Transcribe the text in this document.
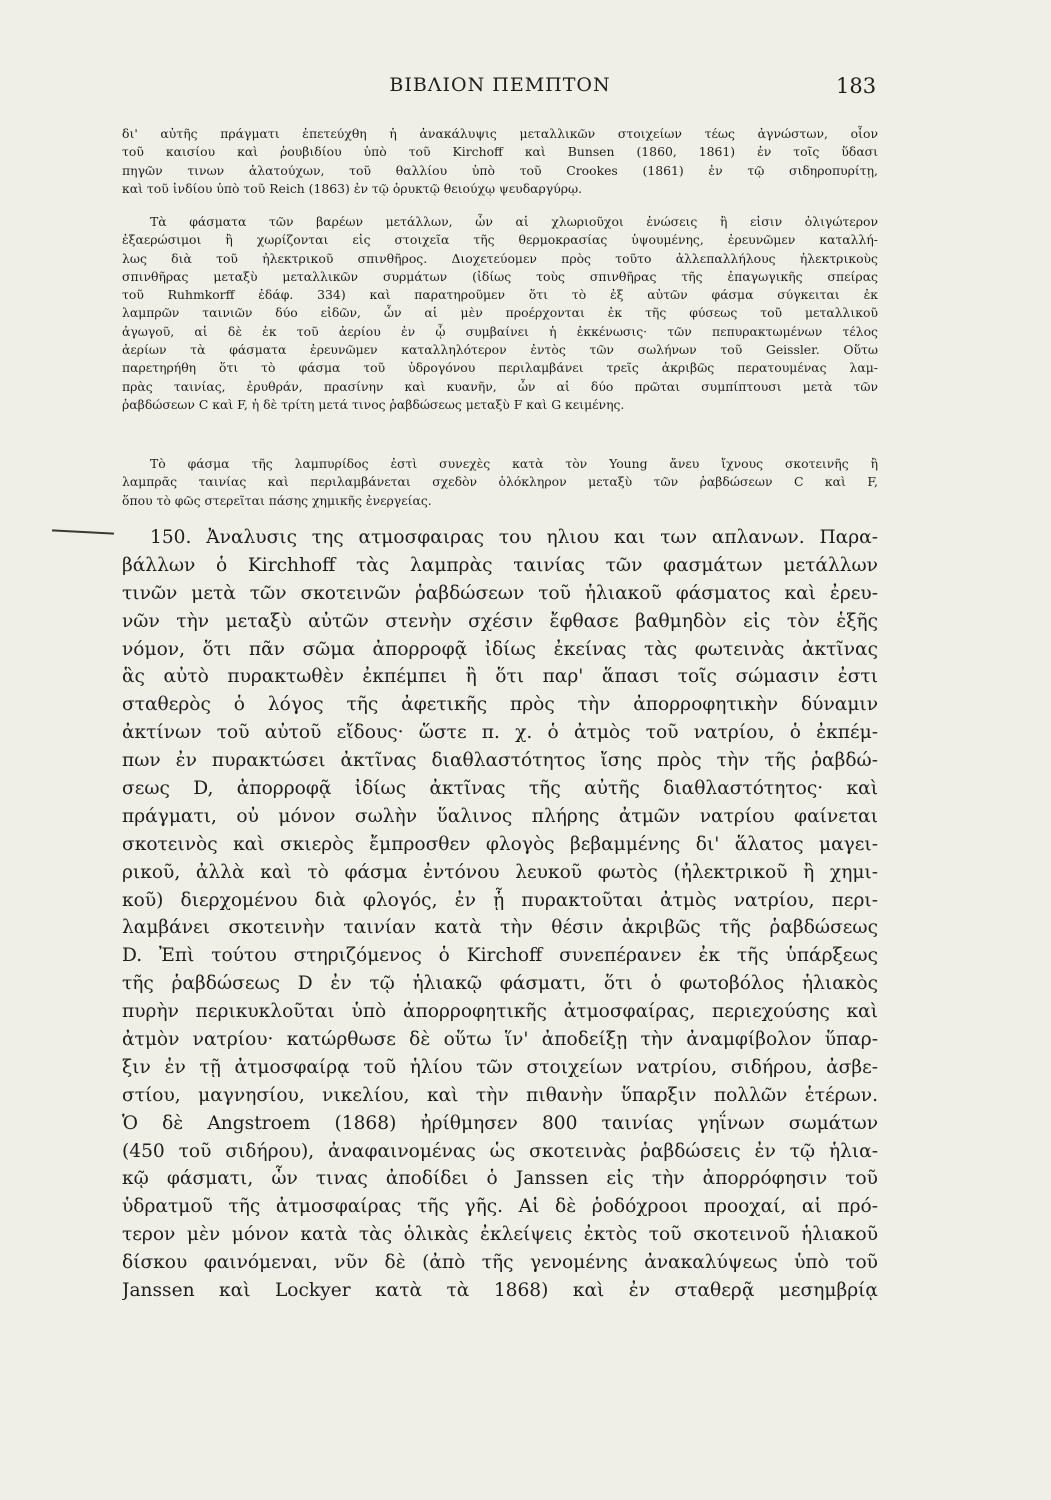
ΒΙΒΛΙΟΝ ΠΕΜΠΤΟΝ	183
δι' αὐτῆς πράγματι ἐπετεύχθη ἡ ἀνακάλυψις μεταλλικῶν στοιχείων τέως ἀγνώστων, οἷον
τοῦ καισίου καὶ ῥουβιδίου ὑπὸ τοῦ Kirchoff καὶ Bunsen (1860, 1861) ἐν τοῖς ὕδασι
πηγῶν τινων ἁλατούχων, τοῦ θαλλίου ὑπὸ τοῦ Crookes (1861) ἐν τῷ σιδηροπυρίτῃ,
καὶ τοῦ ἰνδίου ὑπὸ τοῦ Reich (1863) ἐν τῷ ὀρυκτῷ θειούχῳ ψευδαργύρῳ.
Τὰ φάσματα τῶν βαρέων μετάλλων, ὧν αἱ χλωριοῦχοι ἑνώσεις ἢ εἰσιν ὀλιγώτερον
ἐξαερώσιμοι ἢ χωρίζονται εἰς στοιχεῖα τῆς θερμοκρασίας ὑψουμένης, ἐρευνῶμεν καταλλή-
λως διὰ τοῦ ἠλεκτρικοῦ σπινθῆρος. Διοχετεύομεν πρὸς τοῦτο ἀλλεπαλλήλους ἠλεκτρικοὺς
σπινθῆρας μεταξὺ μεταλλικῶν συρμάτων (ἰδίως τοὺς σπινθῆρας τῆς ἐπαγωγικῆς σπείρας
τοῦ Ruhmkorff ἐδάφ. 334) καὶ παρατηροῦμεν ὅτι τὸ ἐξ αὐτῶν φάσμα σύγκειται ἐκ
λαμπρῶν ταινιῶν δύο εἰδῶν, ὧν αἱ μὲν προέρχονται ἐκ τῆς φύσεως τοῦ μεταλλικοῦ
ἀγωγοῦ, αἱ δὲ ἐκ τοῦ ἀερίου ἐν ᾧ συμβαίνει ἡ ἐκκένωσις· τῶν πεπυρακτωμένων τέλος
ἀερίων τὰ φάσματα ἐρευνῶμεν καταλληλότερον ἐντὸς τῶν σωλήνων τοῦ Geissler. Οὕτω
παρετηρήθη ὅτι τὸ φάσμα τοῦ ὑδρογόνου περιλαμβάνει τρεῖς ἀκριβῶς περατουμένας λαμ-
πρὰς ταινίας, ἐρυθράν, πρασίνην καὶ κυανῆν, ὧν αἱ δύο πρῶται συμπίπτουσι μετὰ τῶν
ῥαβδώσεων C καὶ F, ἡ δὲ τρίτη μετά τινος ῥαβδώσεως μεταξὺ F καὶ G κειμένης.
Τὸ φάσμα τῆς λαμπυρίδος ἐστὶ συνεχὲς κατὰ τὸν Young ἄνευ ἴχνους σκοτεινῆς ἢ
λαμπρᾶς ταινίας καὶ περιλαμβάνεται σχεδὸν ὁλόκληρον μεταξὺ τῶν ῥαβδώσεων C καὶ F,
ὅπου τὸ φῶς στερεῖται πάσης χημικῆς ἐνεργείας.
150. Ἀναλυσις της ατμοσφαιρας του ηλιου και των απλανων. Παρα-
βάλλων ὁ Kirchhoff τὰς λαμπρὰς ταινίας τῶν φασμάτων μετάλλων
τινῶν μετὰ τῶν σκοτεινῶν ῥαβδώσεων τοῦ ἡλιακοῦ φάσματος καὶ ἐρευ-
νῶν τὴν μεταξὺ αὐτῶν στενὴν σχέσιν ἔφθασε βαθμηδὸν εἰς τὸν ἑξῆς
νόμον, ὅτι πᾶν σῶμα ἀπορροφᾷ ἰδίως ἐκείνας τὰς φωτεινὰς ἀκτῖνας
ἃς αὐτὸ πυρακτωθὲν ἐκπέμπει ἢ ὅτι παρ' ἅπασι τοῖς σώμασιν ἐστι
σταθερὸς ὁ λόγος τῆς ἀφετικῆς πρὸς τὴν ἀπορροφητικὴν δύναμιν
ἀκτίνων τοῦ αὐτοῦ εἴδους· ὥστε π. χ. ὁ ἀτμὸς τοῦ νατρίου, ὁ ἐκπέμ-
πων ἐν πυρακτώσει ἀκτῖνας διαθλαστότητος ἴσης πρὸς τὴν τῆς ῥαβδώ-
σεως D, ἀπορροφᾷ ἰδίως ἀκτῖνας τῆς αὐτῆς διαθλαστότητος· καὶ
πράγματι, οὐ μόνον σωλὴν ὕαλινος πλήρης ἀτμῶν νατρίου φαίνεται
σκοτεινὸς καὶ σκιερὸς ἔμπροσθεν φλογὸς βεβαμμένης δι' ἅλατος μαγει-
ρικοῦ, ἀλλὰ καὶ τὸ φάσμα ἐντόνου λευκοῦ φωτὸς (ἠλεκτρικοῦ ἢ χημι-
κοῦ) διερχομένου διὰ φλογός, ἐν ᾗ πυρακτοῦται ἀτμὸς νατρίου, περι-
λαμβάνει σκοτεινὴν ταινίαν κατὰ τὴν θέσιν ἀκριβῶς τῆς ῥαβδώσεως
D. Ἐπὶ τούτου στηριζόμενος ὁ Kirchoff συνεπέρανεν ἐκ τῆς ὑπάρξεως
τῆς ῥαβδώσεως D ἐν τῷ ἡλιακῷ φάσματι, ὅτι ὁ φωτοβόλος ἡλιακὸς
πυρὴν περικυκλοῦται ὑπὸ ἀπορροφητικῆς ἀτμοσφαίρας, περιεχούσης καὶ
ἀτμὸν νατρίου· κατώρθωσε δὲ οὕτω ἵν' ἀποδείξῃ τὴν ἀναμφίβολον ὕπαρ-
ξιν ἐν τῇ ἀτμοσφαίρᾳ τοῦ ἡλίου τῶν στοιχείων νατρίου, σιδήρου, ἀσβε-
στίου, μαγνησίου, νικελίου, καὶ τὴν πιθανὴν ὕπαρξιν πολλῶν ἑτέρων.
Ὁ δὲ Angstroem (1868) ἠρίθμησεν 800 ταινίας γηΐνων σωμάτων
(450 τοῦ σιδήρου), ἀναφαινομένας ὡς σκοτεινὰς ῥαβδώσεις ἐν τῷ ἡλια-
κῷ φάσματι, ὧν τινας ἀποδίδει ὁ Janssen εἰς τὴν ἀπορρόφησιν τοῦ
ὑδρατμοῦ τῆς ἀτμοσφαίρας τῆς γῆς. Αἱ δὲ ῥοδόχροοι προοχαί, αἱ πρό-
τερον μὲν μόνον κατὰ τὰς ὁλικὰς ἐκλείψεις ἐκτὸς τοῦ σκοτεινοῦ ἡλιακοῦ
δίσκου φαινόμεναι, νῦν δὲ (ἀπὸ τῆς γενομένης ἀνακαλύψεως ὑπὸ τοῦ
Janssen καὶ Lockyer κατὰ τὰ 1868) καὶ ἐν σταθερᾷ μεσημβρίᾳ
